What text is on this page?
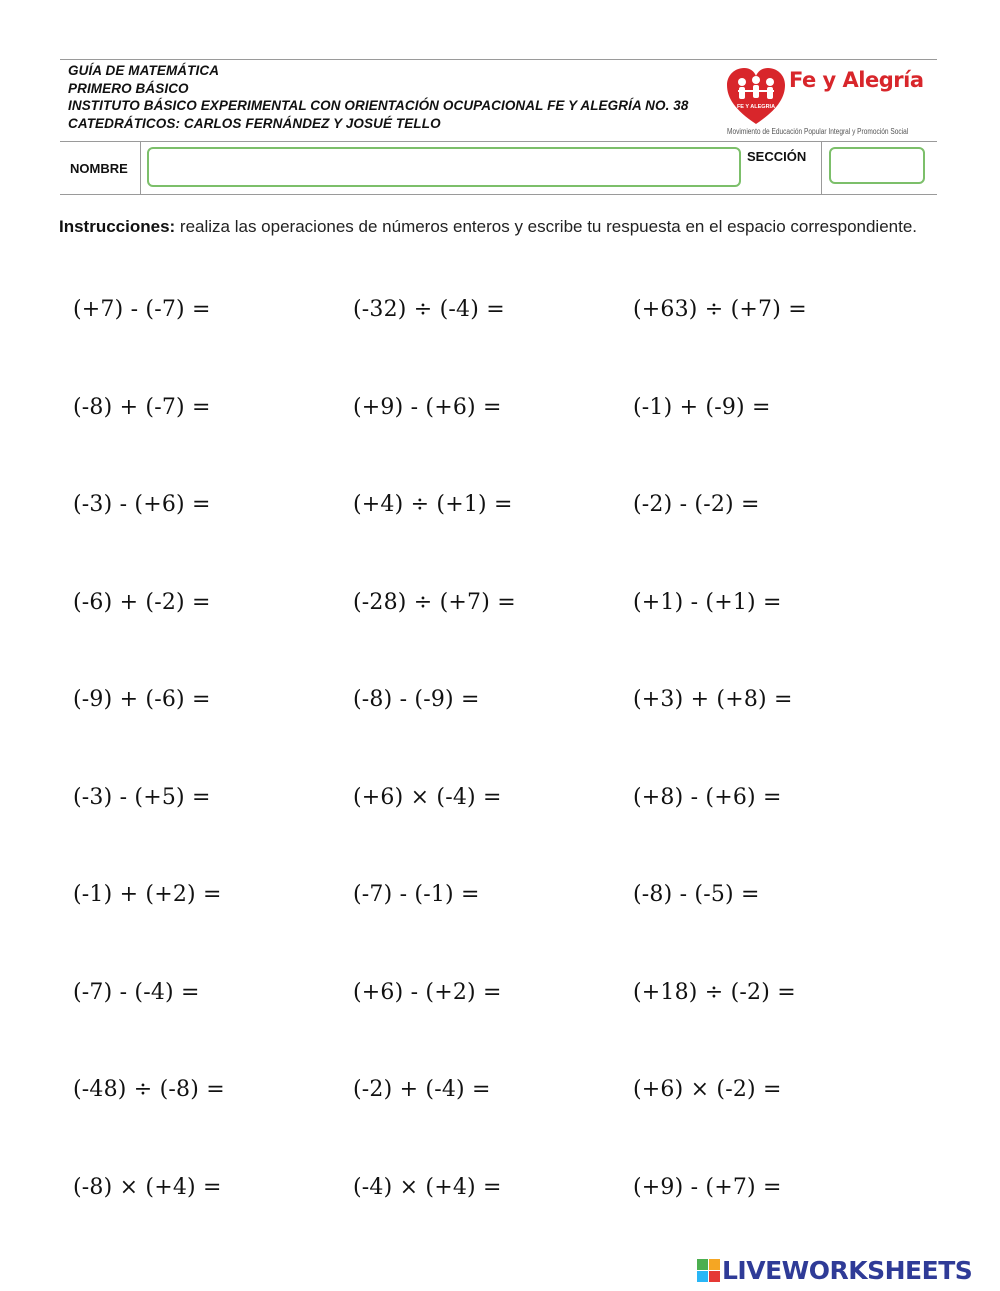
GUÍA DE MATEMÁTICA
PRIMERO BÁSICO
INSTITUTO BÁSICO EXPERIMENTAL CON ORIENTACIÓN OCUPACIONAL FE Y ALEGRÍA NO. 38
CATEDRÁTICOS: CARLOS FERNÁNDEZ Y JOSUÉ TELLO
FE Y ALEGRIA
Fe y Alegría
Movimiento de Educación Popular Integral y Promoción Social
NOMBRE
SECCIÓN
Instrucciones: realiza las operaciones de números enteros y escribe tu respuesta en el espacio correspondiente.
(+7) - (-7) =	(-32) ÷ (-4) =	(+63) ÷ (+7) =
(-8) + (-7) =	(+9) - (+6) =	(-1) + (-9) =
(-3) - (+6) =	(+4) ÷ (+1) =	(-2) - (-2) =
(-6) + (-2) =	(-28) ÷ (+7) =	(+1) - (+1) =
(-9) + (-6) =	(-8) - (-9) =	(+3) + (+8) =
(-3) - (+5) =	(+6) × (-4) =	(+8) - (+6) =
(-1) + (+2) =	(-7) - (-1) =	(-8) - (-5) =
(-7) - (-4) =	(+6) - (+2) =	(+18) ÷ (-2) =
(-48) ÷ (-8) =	(-2) + (-4) =	(+6) × (-2) =
(-8) × (+4) =	(-4) × (+4) =	(+9) - (+7) =
LIVEWORKSHEETS
